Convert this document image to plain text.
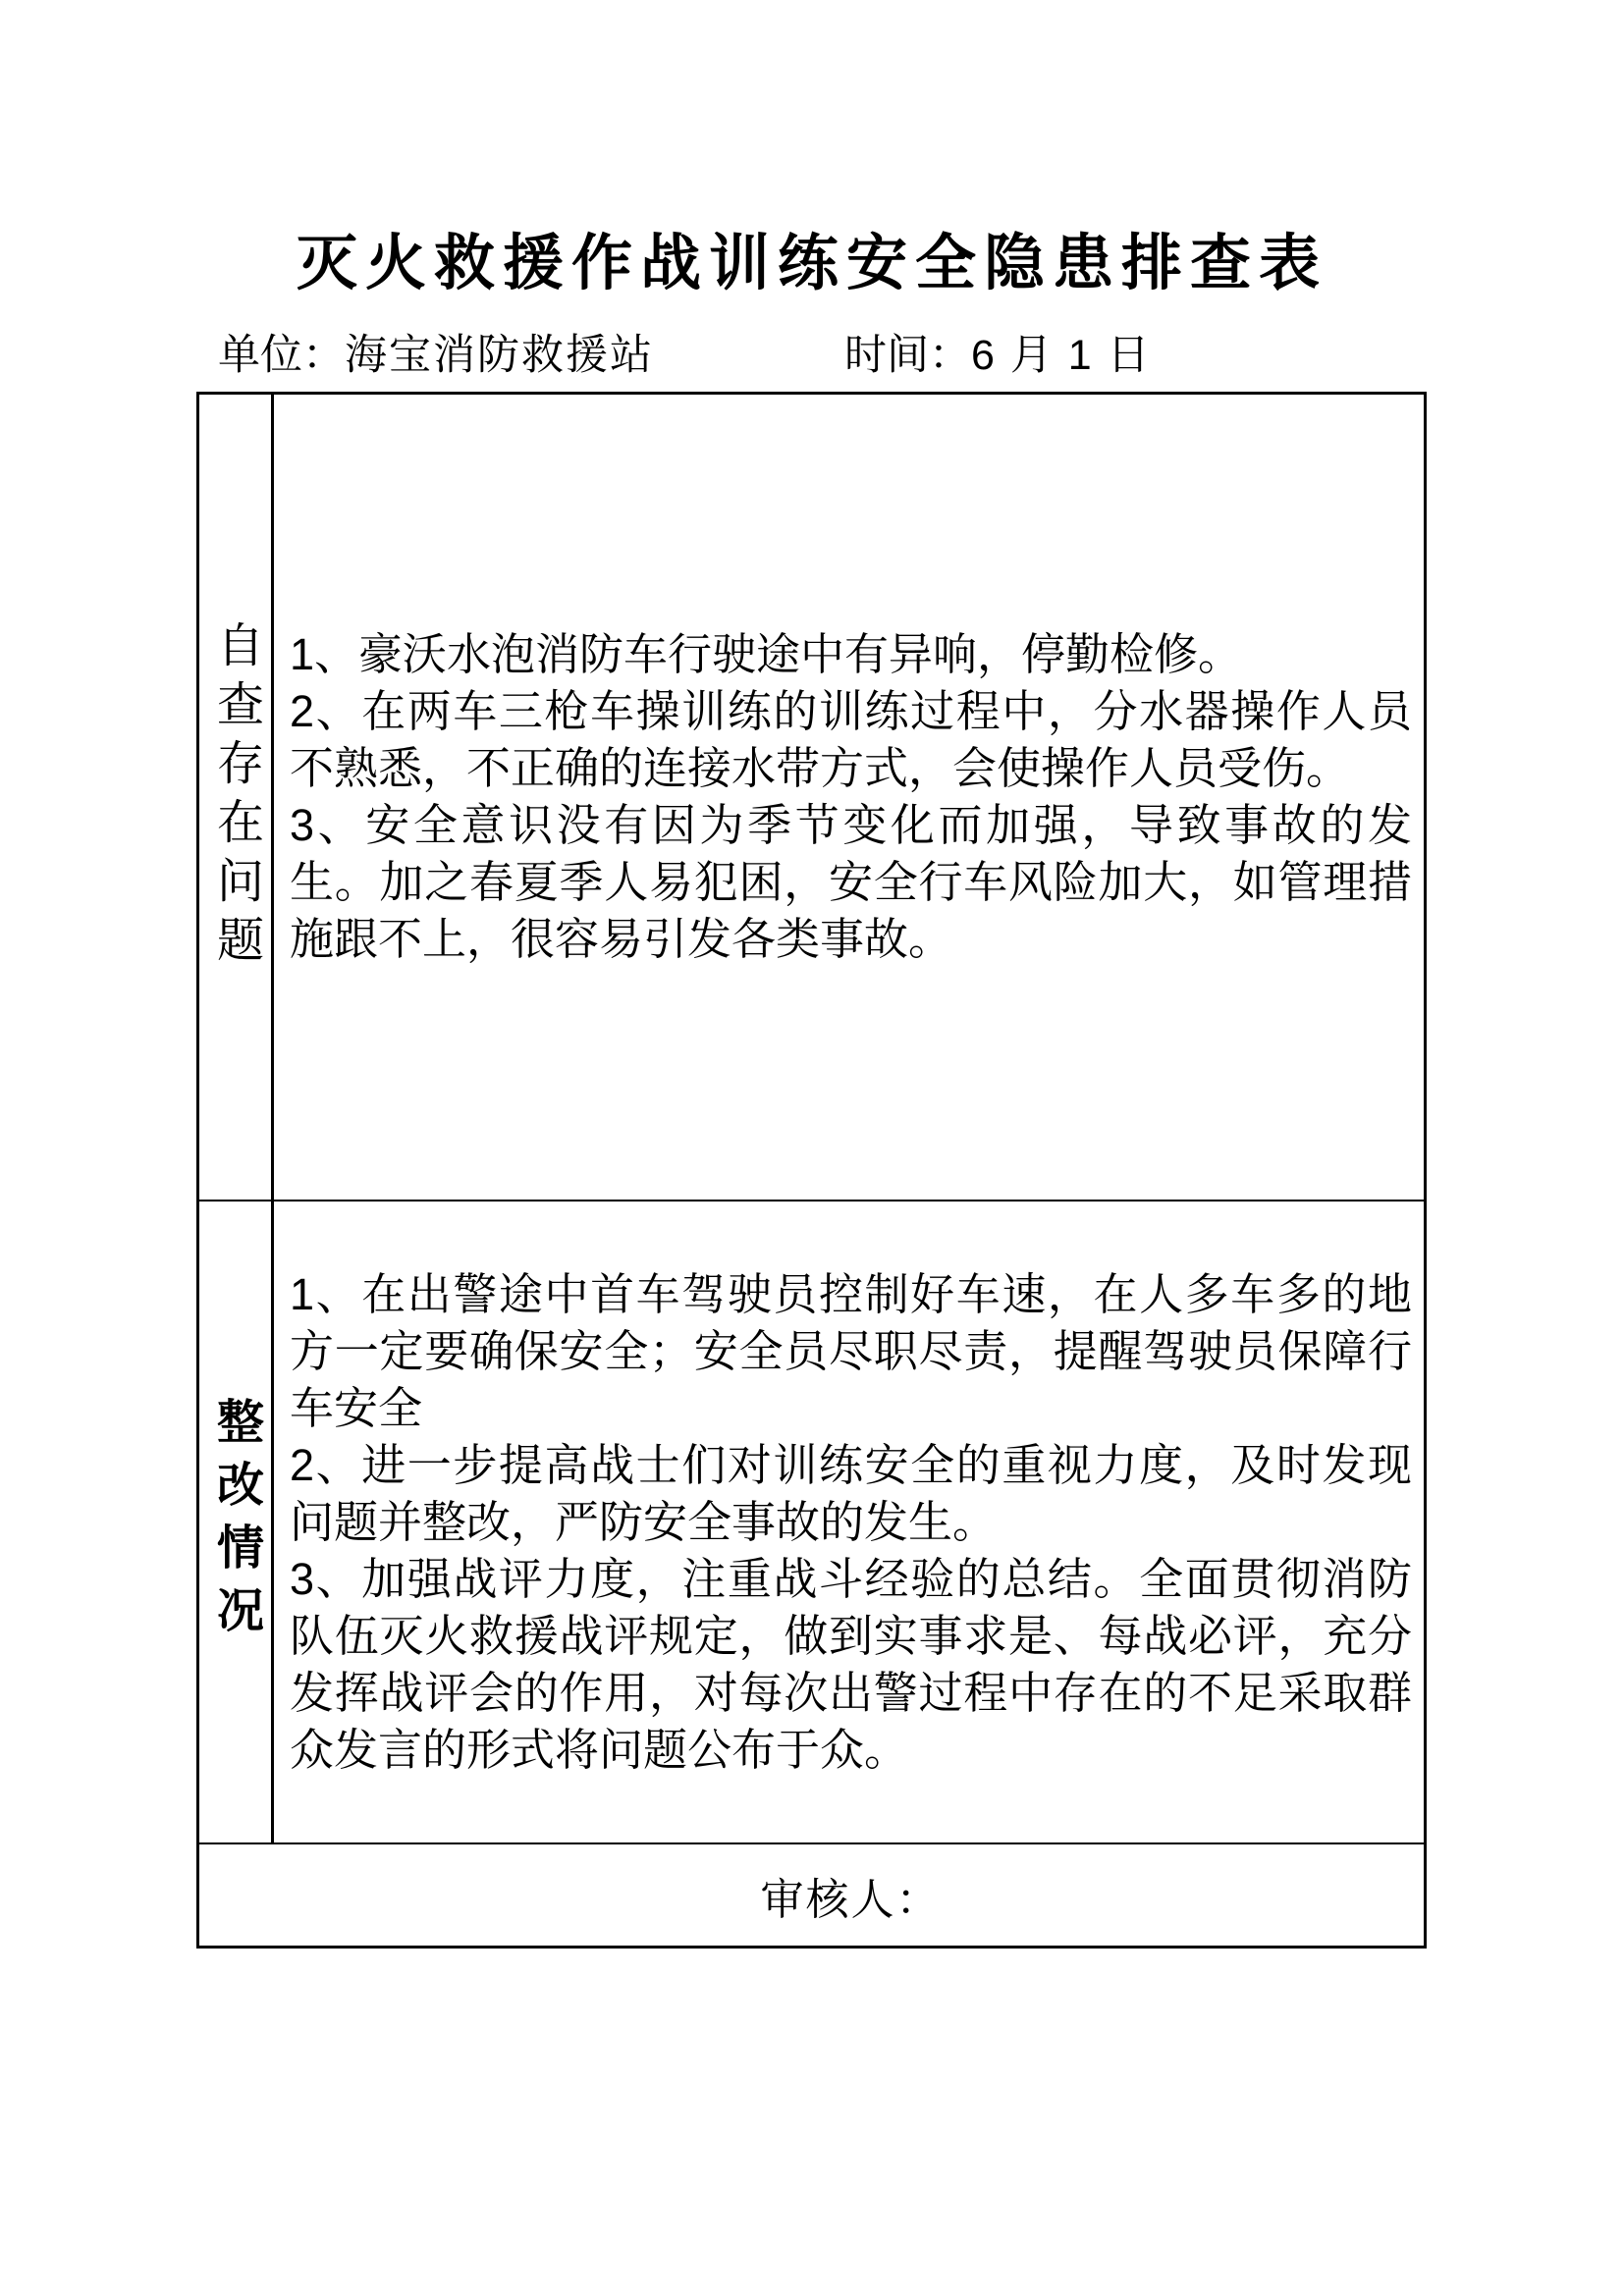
灭火救援作战训练安全隐患排查表
单位：海宝消防救援站	时间：6 月 1 日
自查存在问题 1、豪沃水泡消防车行驶途中有异响，停勤检修。

2、在两车三枪车操训练的训练过程中，分水器操作人员不熟悉，不正确的连接水带方式，会使操作人员受伤。

3、安全意识没有因为季节变化而加强，导致事故的发生。加之春夏季人易犯困，安全行车风险加大，如管理措施跟不上，很容易引发各类事故。

整改情况

1、在出警途中首车驾驶员控制好车速，在人多车多的地方一定要确保安全；安全员尽职尽责，提醒驾驶员保障行车安全

2、进一步提高战士们对训练安全的重视力度，及时发现问题并整改，严防安全事故的发生。

3、加强战评力度，注重战斗经验的总结。全面贯彻消防队伍灭火救援战评规定，做到实事求是、每战必评，充分发挥战评会的作用，对每次出警过程中存在的不足采取群众发言的形式将问题公布于众。

审核人：
